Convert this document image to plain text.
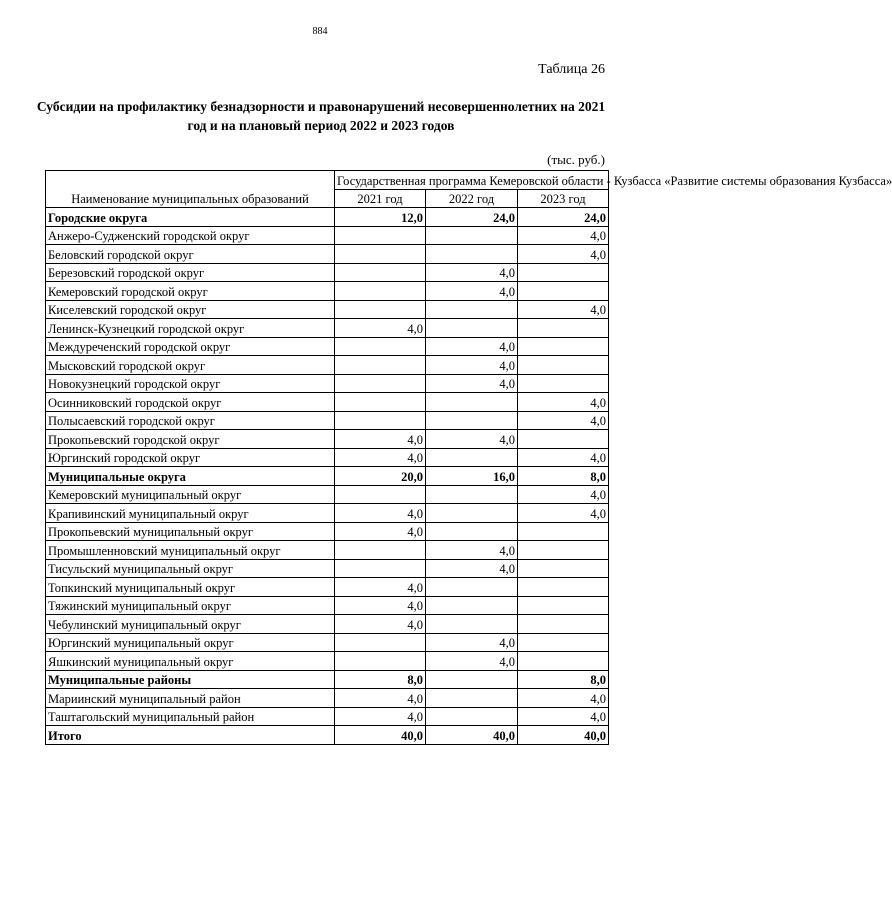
884
Таблица 26
Субсидии на профилактику безнадзорности и правонарушений несовершеннолетних на 2021 год и на плановый период 2022 и 2023 годов
(тыс. руб.)
Наименование муниципальных образований	Государственная программа Кемеровской области - Кузбасса «Развитие системы образования Кузбасса»		
	2021 год	2022 год	2023 год
Городские округа	12,0	24,0	24,0
Анжеро-Судженский городской округ			4,0
Беловский городской округ			4,0
Березовский городской округ		4,0	
Кемеровский городской округ		4,0	
Киселевский городской округ			4,0
Ленинск-Кузнецкий городской округ	4,0		
Междуреченский городской округ		4,0	
Мысковский городской округ		4,0	
Новокузнецкий городской округ		4,0	
Осинниковский городской округ			4,0
Полысаевский городской округ			4,0
Прокопьевский городской округ	4,0	4,0	
Юргинский городской округ	4,0		4,0
Муниципальные округа	20,0	16,0	8,0
Кемеровский муниципальный округ			4,0
Крапивинский муниципальный округ	4,0		4,0
Прокопьевский муниципальный округ	4,0		
Промышленновский муниципальный округ		4,0	
Тисульский муниципальный округ		4,0	
Топкинский муниципальный округ	4,0		
Тяжинский муниципальный округ	4,0		
Чебулинский муниципальный округ	4,0		
Юргинский муниципальный округ		4,0	
Яшкинский муниципальный округ		4,0	
Муниципальные районы	8,0		8,0
Мариинский муниципальный район	4,0		4,0
Таштагольский муниципальный район	4,0		4,0
Итого	40,0	40,0	40,0
